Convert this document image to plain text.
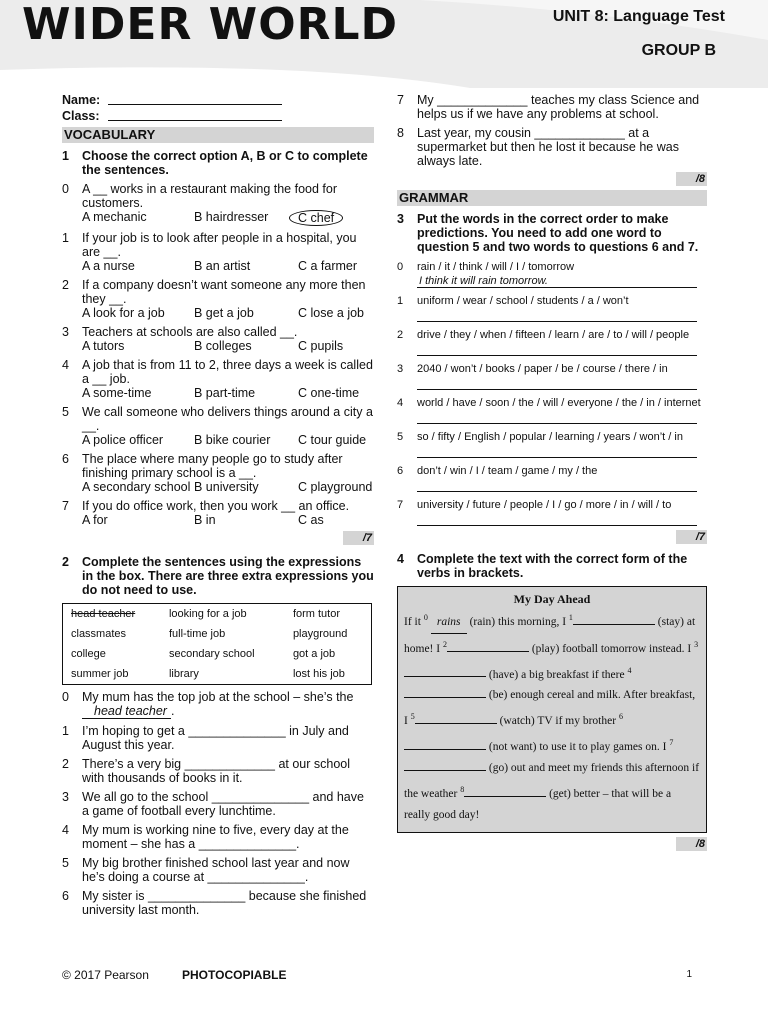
WIDER WORLD	UNIT 8: Language Test
GROUP B
Name:
Class:
VOCABULARY
1	Choose the correct option A, B or C to complete the sentences.
0	A __ works in a restaurant making the food for customers.
A mechanic	B hairdresser	C chef
1	If your job is to look after people in a hospital, you are __.
A a nurse	B an artist	C a farmer
2	If a company doesn’t want someone any more then they __.
A look for a job	B get a job	C lose a job
3	Teachers at schools are also called __.
A tutors	B colleges	C pupils
4	A job that is from 11 to 2, three days a week is called a __ job.
A some-time	B part-time	C one-time
5	We call someone who delivers things around a city a __.
A police officer	B bike courier	C tour guide
6	The place where many people go to study after finishing primary school is a __.
A secondary school B university	C playground
7	If you do office work, then you work __ an office.
A for	B in	C as
/7
2	Complete the sentences using the expressions in the box. There are three extra expressions you do not need to use.
head teacher	looking for a job	form tutor
classmates	full-time job	playground
college	secondary school	got a job
summer job	library	lost his job
0	My mum has the top job at the school – she’s the head teacher .
1	I’m hoping to get a ______________ in July and August this year.
2	There’s a very big _____________ at our school with thousands of books in it.
3	We all go to the school ______________ and have a game of football every lunchtime.
4	My mum is working nine to five, every day at the moment – she has a ______________.
5	My big brother finished school last year and now he’s doing a course at ______________.
6	My sister is ______________ because she finished university last month.
7	My _____________ teaches my class Science and helps us if we have any problems at school.
8	Last year, my cousin _____________ at a supermarket but then he lost it because he was always late.
/8
GRAMMAR
3	Put the words in the correct order to make predictions. You need to add one word to question 5 and two words to questions 6 and 7.
0	rain / it / think / will / I / tomorrow
I think it will rain tomorrow.
1	uniform / wear / school / students / a / won’t
2	drive / they / when / fifteen / learn / are / to / will / people
3	2040 / won’t / books / paper / be / course / there / in
4	world / have / soon / the / will / everyone / the / in / internet
5	so / fifty / English / popular / learning / years / won’t / in
6	don’t / win / I / team / game / my / the
7	university / future / people / I / go / more / in / will / to
/7
4	Complete the text with the correct form of the verbs in brackets.
My Day Ahead
If it $^0$ rains (rain) this morning, I $^1$	(stay) at home! I $^2$	(play) football tomorrow instead. I $^3$ (have) a big breakfast if there $^4$ (be) enough cereal and milk. After breakfast, I $^5$	(watch) TV if my brother $^6$ (not want) to use it to play games on. I $^7$ (go) out and meet my friends this afternoon if the weather $^8$	(get) better – that will be a really good day!
/8
© 2017 Pearson	PHOTOCOPIABLE	1
